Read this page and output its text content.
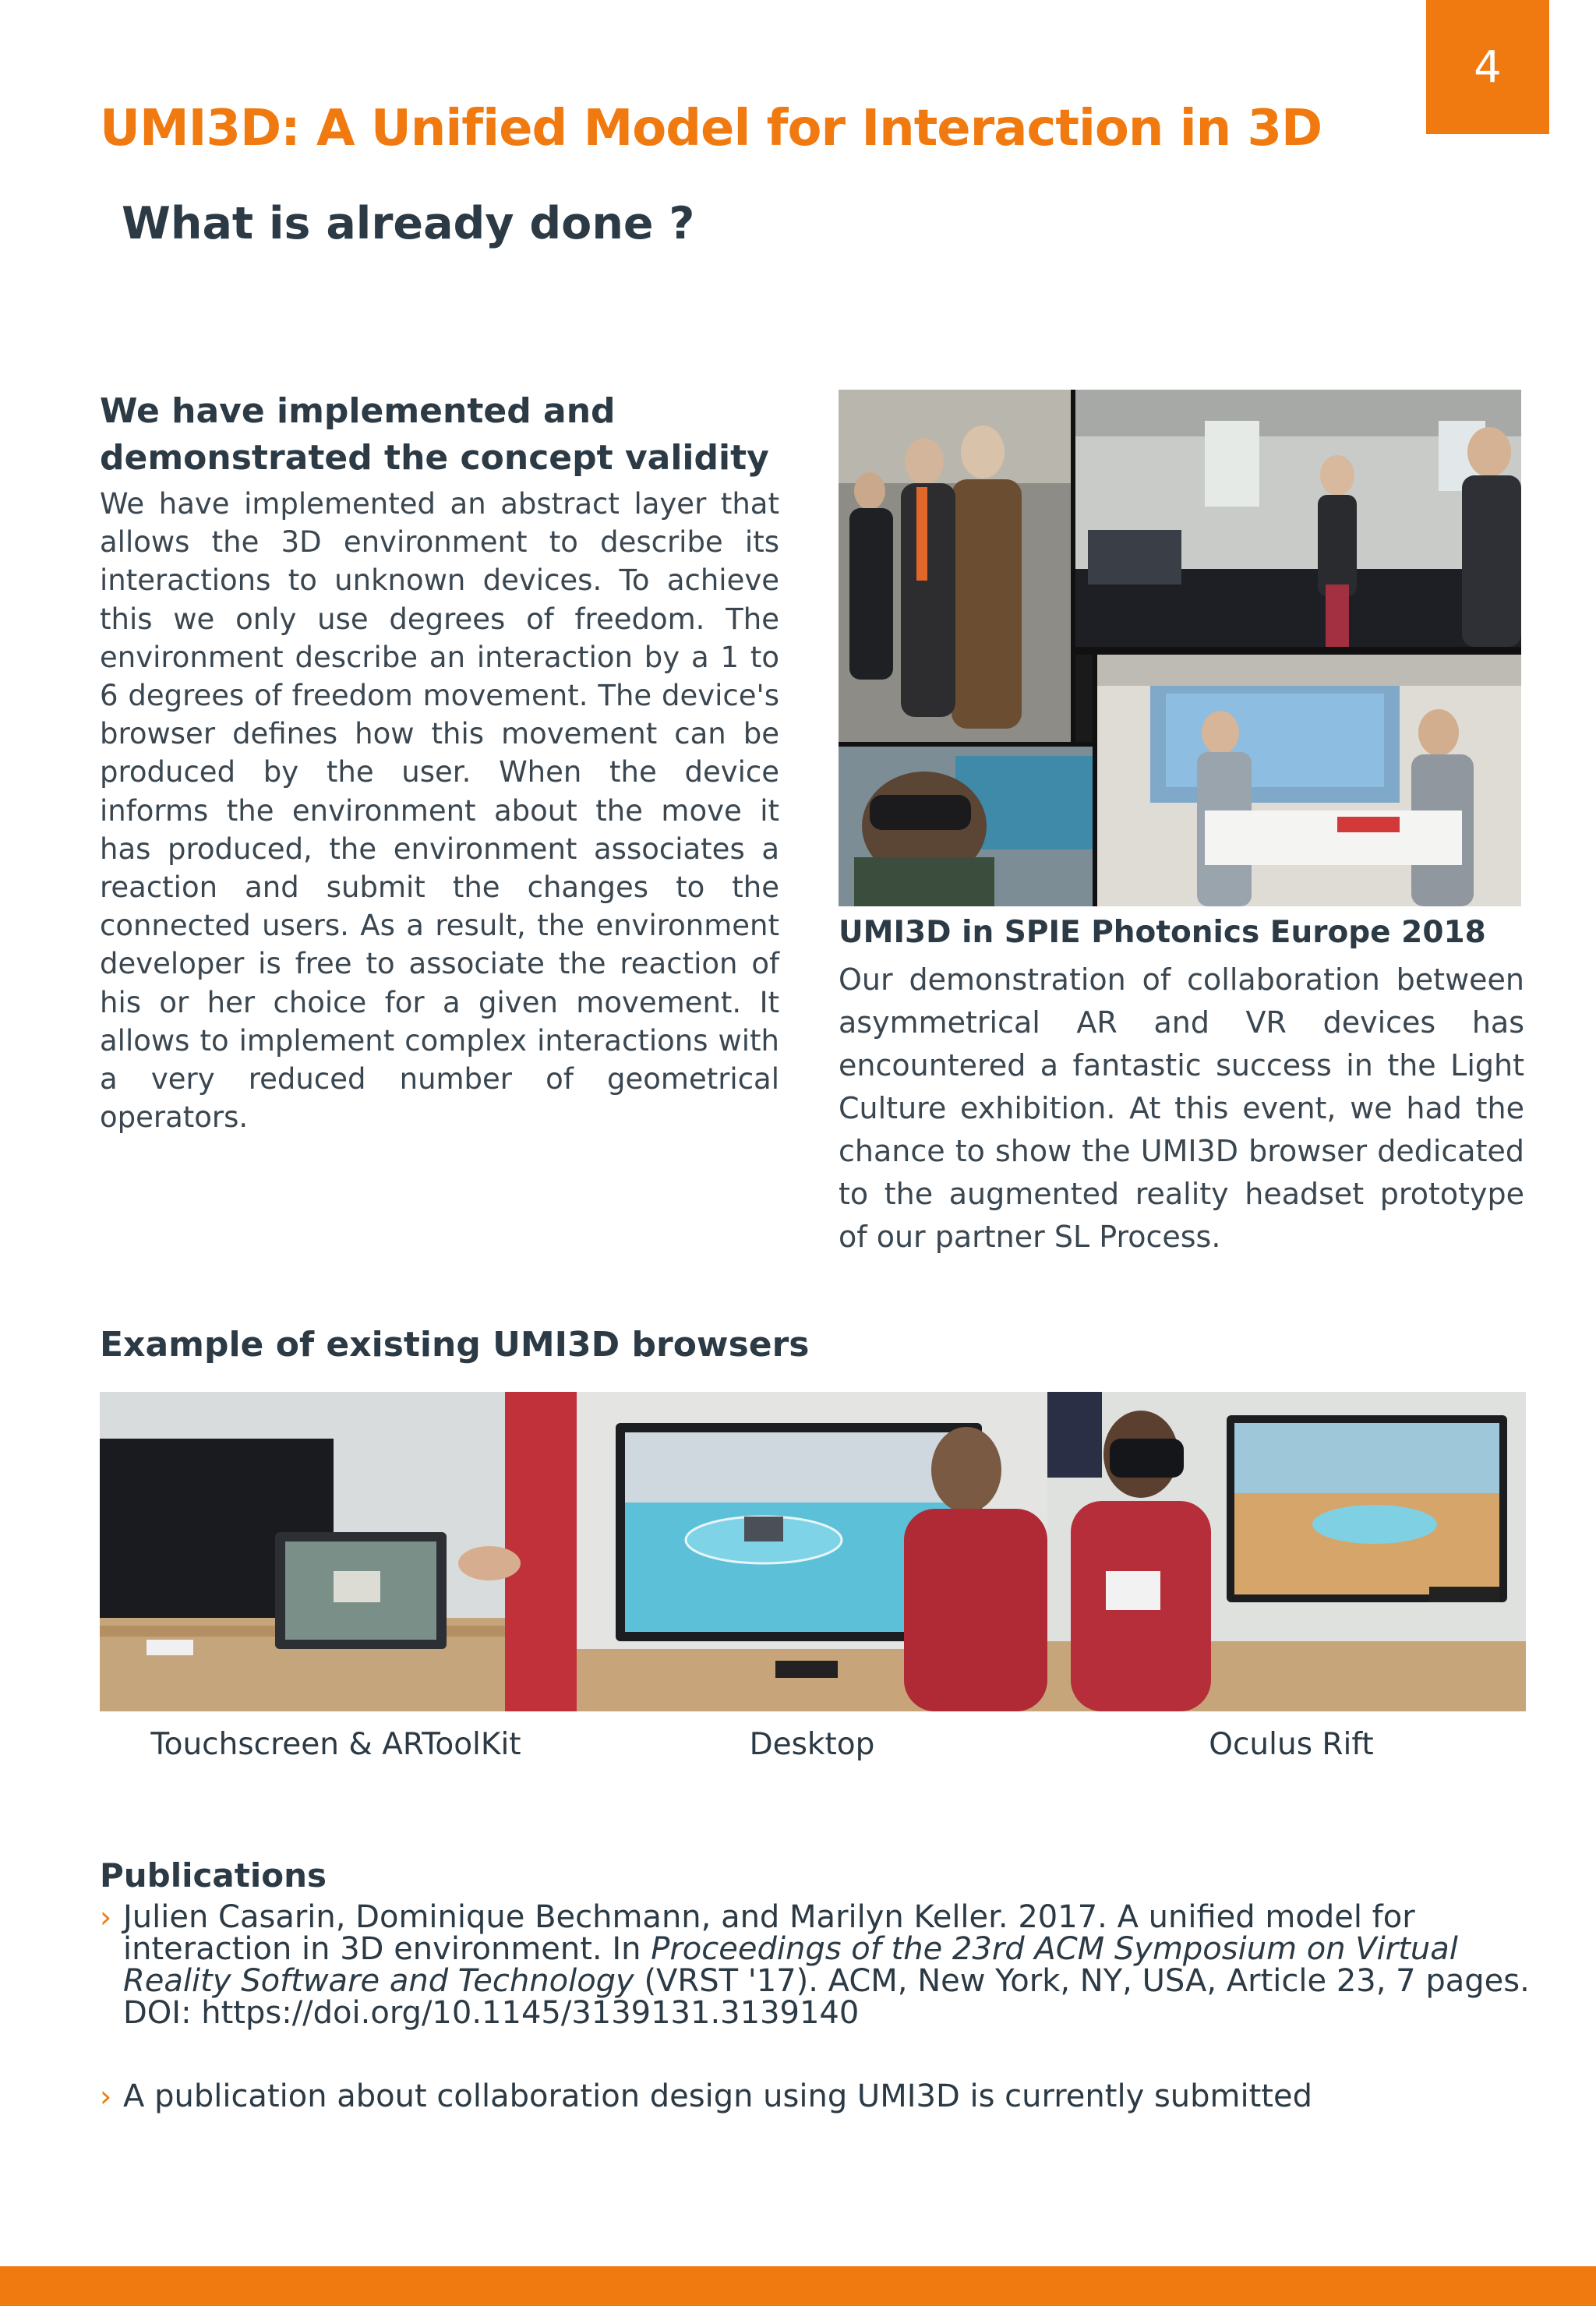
4
UMI3D: A Unified Model for Interaction in 3D
What is already done ?
We have implemented and demonstrated the concept validity

We have implemented an abstract layer that allows the 3D environment to describe its interactions to unknown devices. To achieve this we only use degrees of freedom. The environment describe an interaction by a 1 to 6 degrees of freedom movement. The device's browser defines how this movement can be produced by the user. When the device informs the environment about the move it has produced, the environment associates a reaction and submit the changes to the connected users. As a result, the environment developer is free to associate the reaction of his or her choice for a given movement. It allows to implement complex interactions with a very reduced number of geometrical operators.

UMI3D in SPIE Photonics Europe 2018

Our demonstration of collaboration between asymmetrical AR and VR devices has encountered a fantastic success in the Light Culture exhibition. At this event, we had the chance to show the UMI3D browser dedicated to the augmented reality headset prototype of our partner SL Process.

Example of existing UMI3D browsers
Touchscreen & ARToolKit	Desktop	Oculus Rift
Publications
› Julien Casarin, Dominique Bechmann, and Marilyn Keller. 2017. A unified model for interaction in 3D environment. In Proceedings of the 23rd ACM Symposium on Virtual Reality Software and Technology (VRST '17). ACM, New York, NY, USA, Article 23, 7 pages. DOI: https://doi.org/10.1145/3139131.3139140
› A publication about collaboration design using UMI3D is currently submitted
